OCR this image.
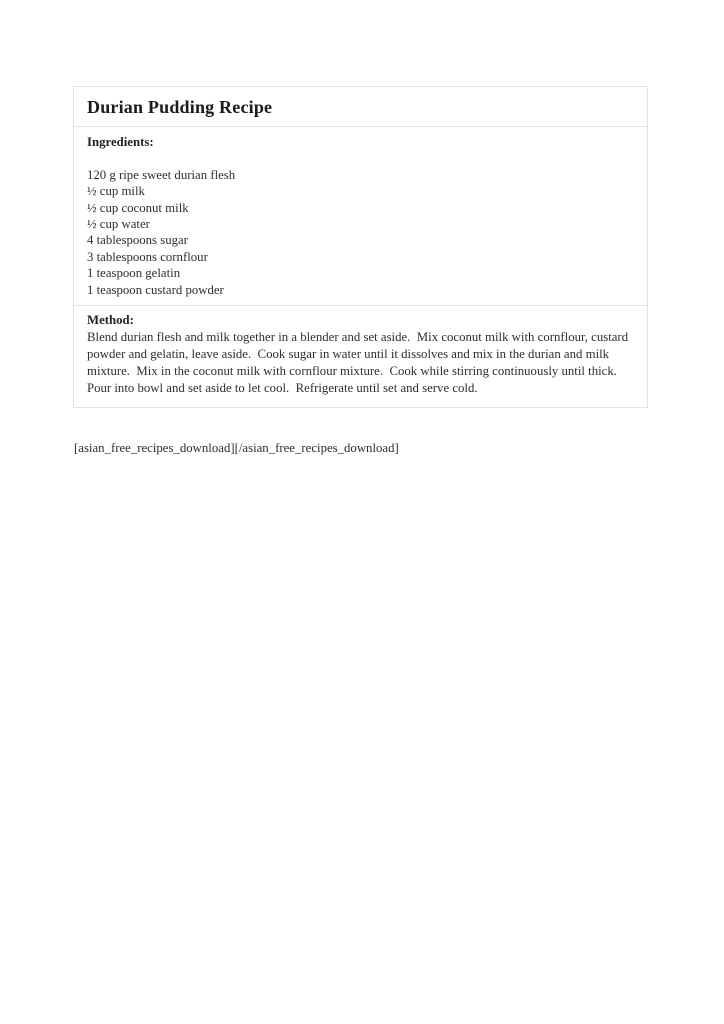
Durian Pudding Recipe
Ingredients:
120 g ripe sweet durian flesh
½ cup milk
½ cup coconut milk
½ cup water
4 tablespoons sugar
3 tablespoons cornflour
1 teaspoon gelatin
1 teaspoon custard powder
Method:

Blend durian flesh and milk together in a blender and set aside.  Mix coconut milk with cornflour, custard powder and gelatin, leave aside.  Cook sugar in water until it dissolves and mix in the durian and milk mixture.  Mix in the coconut milk with cornflour mixture.  Cook while stirring continuously until thick.  Pour into bowl and set aside to let cool.  Refrigerate until set and serve cold.

[asian_free_recipes_download][/asian_free_recipes_download]
